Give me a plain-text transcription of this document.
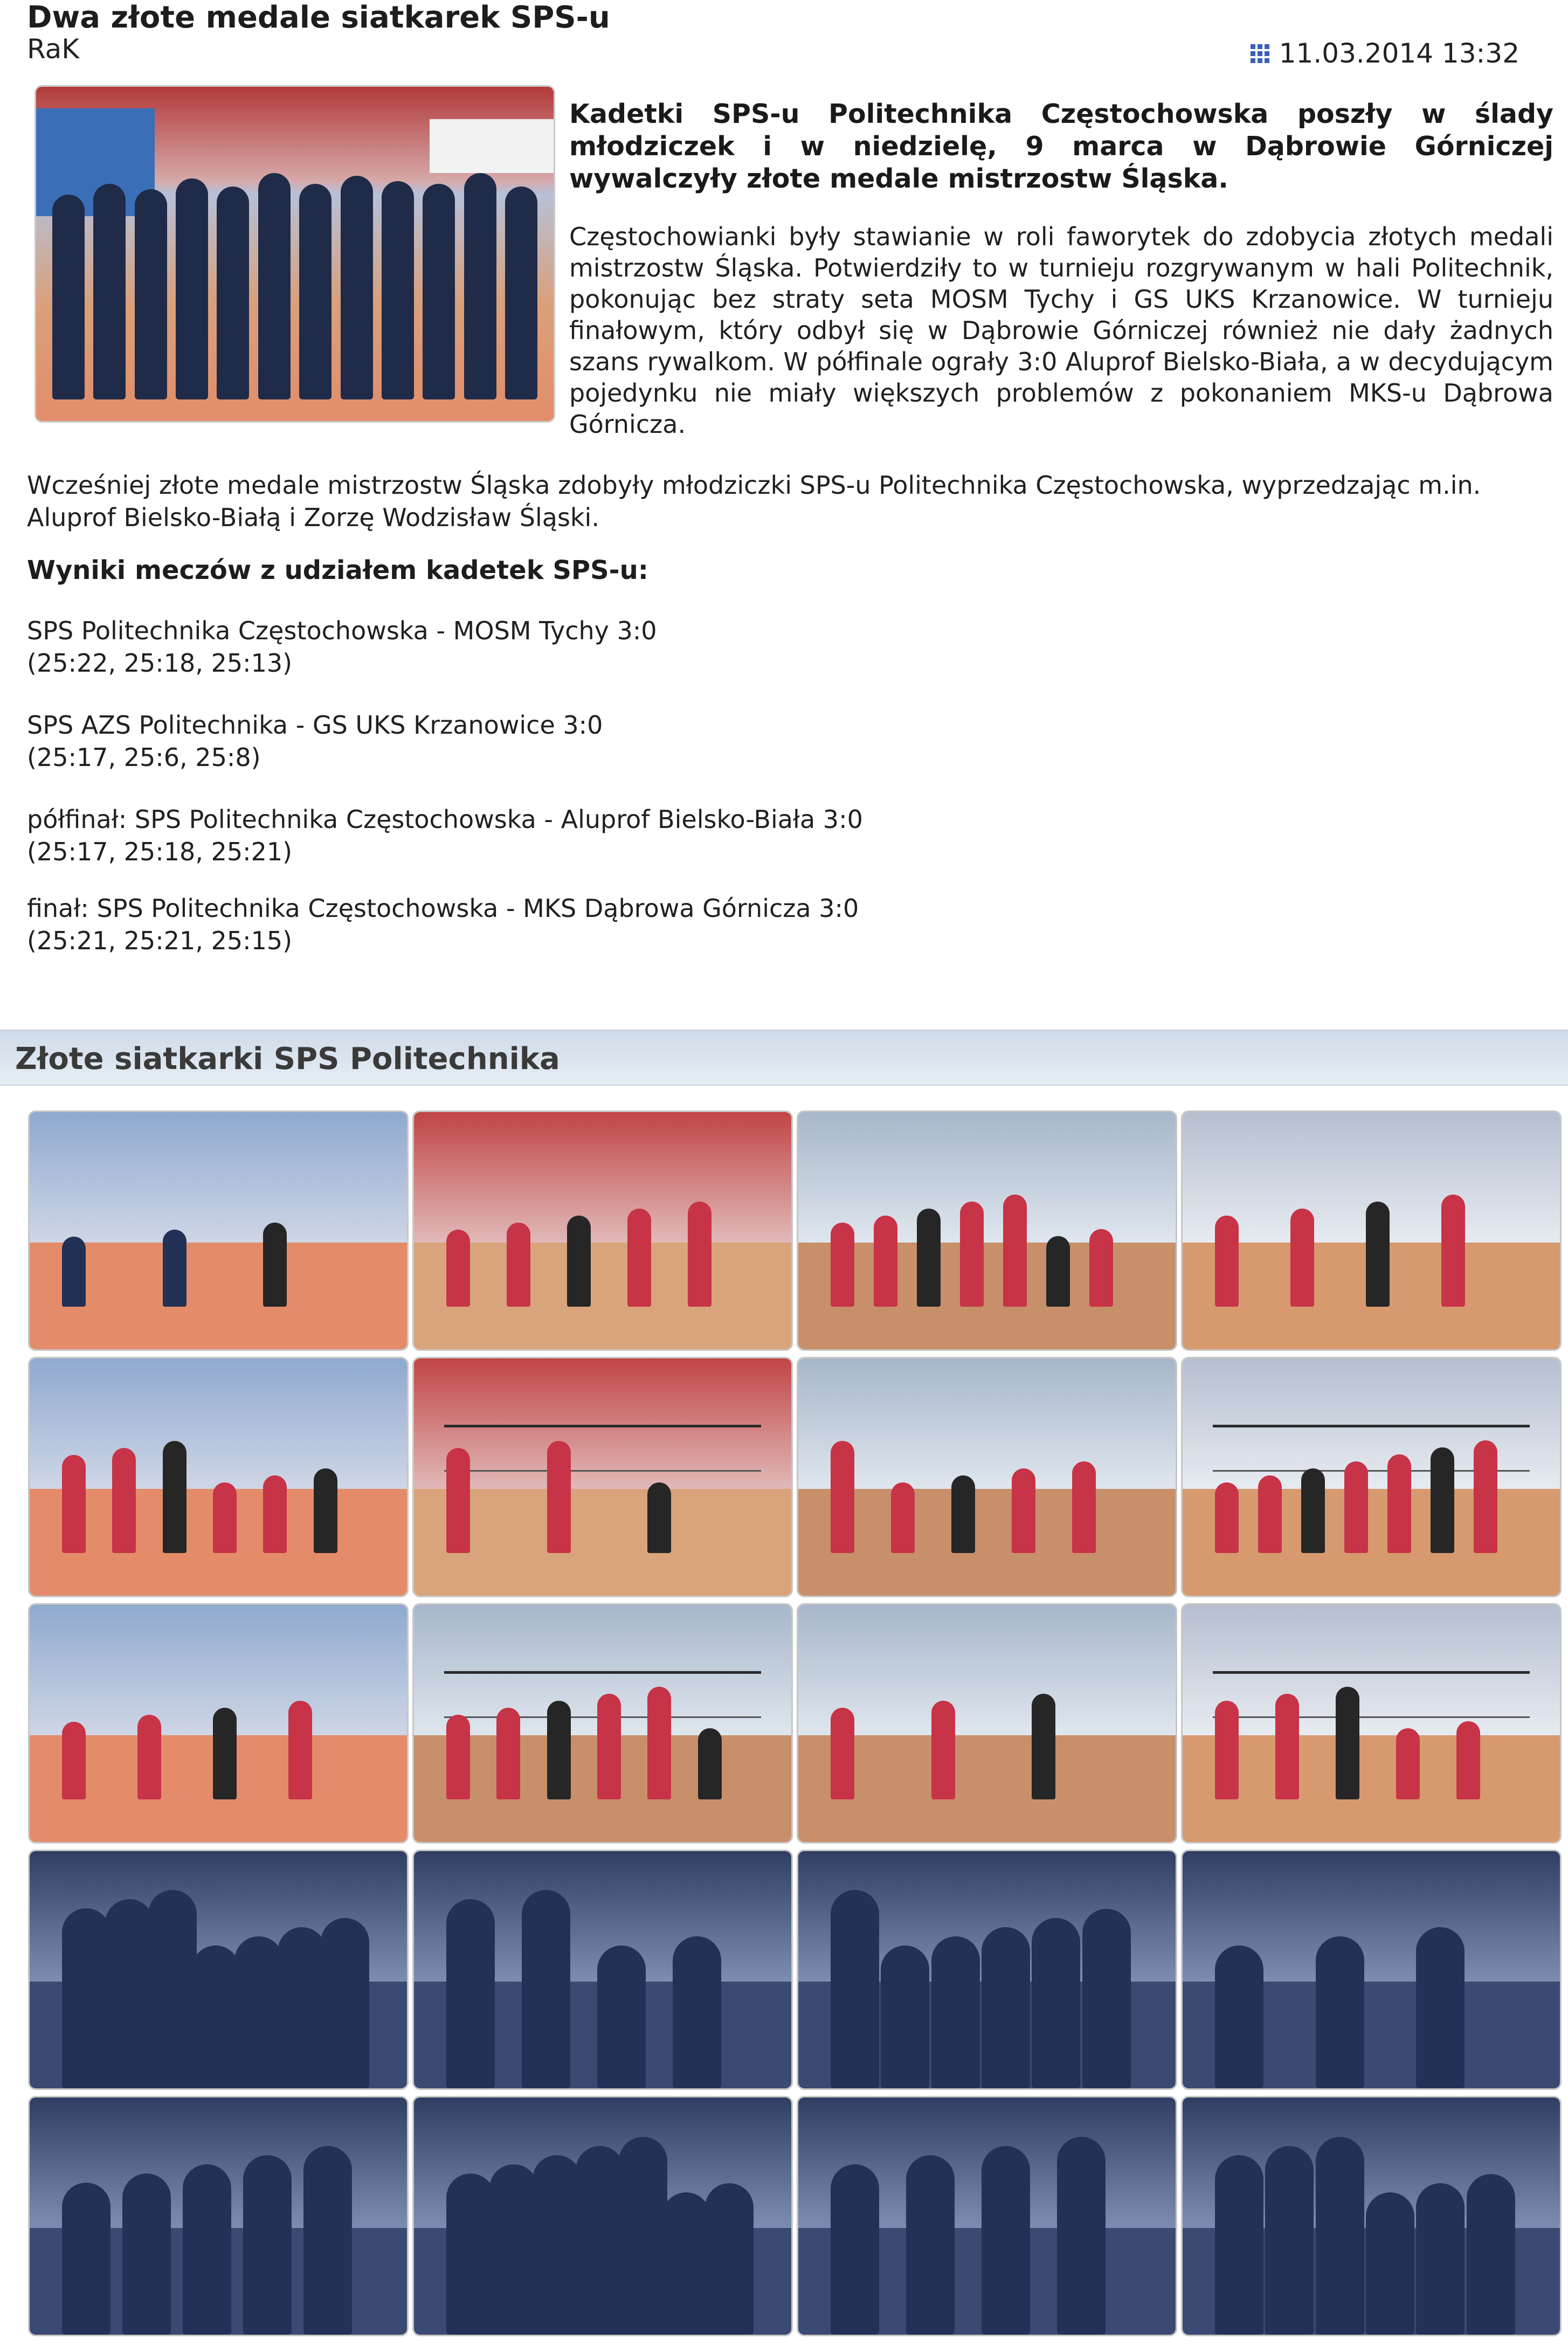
Dwa złote medale siatkarek SPS-u
RaK	11.03.2014 13:32
Kadetki SPS-u Politechnika Częstochowska poszły w ślady młodziczek i w niedzielę, 9 marca w Dąbrowie Górniczej wywalczyły złote medale mistrzostw Śląska.
Częstochowianki były stawianie w roli faworytek do zdobycia złotych medali mistrzostw Śląska. Potwierdziły to w turnieju rozgrywanym w hali Politechnik, pokonując bez straty seta MOSM Tychy i GS UKS Krzanowice. W turnieju finałowym, który odbył się w Dąbrowie Górniczej również nie dały żadnych szans rywalkom. W półfinale ograły 3:0 Aluprof Bielsko-Biała, a w decydującym pojedynku nie miały większych problemów z pokonaniem MKS-u Dąbrowa Górnicza.
Wcześniej złote medale mistrzostw Śląska zdobyły młodziczki SPS-u Politechnika Częstochowska, wyprzedzając m.in. Aluprof Bielsko-Białą i Zorzę Wodzisław Śląski.
Wyniki meczów z udziałem kadetek SPS-u:
SPS Politechnika Częstochowska - MOSM Tychy 3:0
(25:22, 25:18, 25:13)
SPS AZS Politechnika - GS UKS Krzanowice 3:0
(25:17, 25:6, 25:8)
półfinał: SPS Politechnika Częstochowska - Aluprof Bielsko-Biała 3:0
(25:17, 25:18, 25:21)
finał: SPS Politechnika Częstochowska - MKS Dąbrowa Górnicza 3:0
(25:21, 25:21, 25:15)
Złote siatkarki SPS Politechnika
